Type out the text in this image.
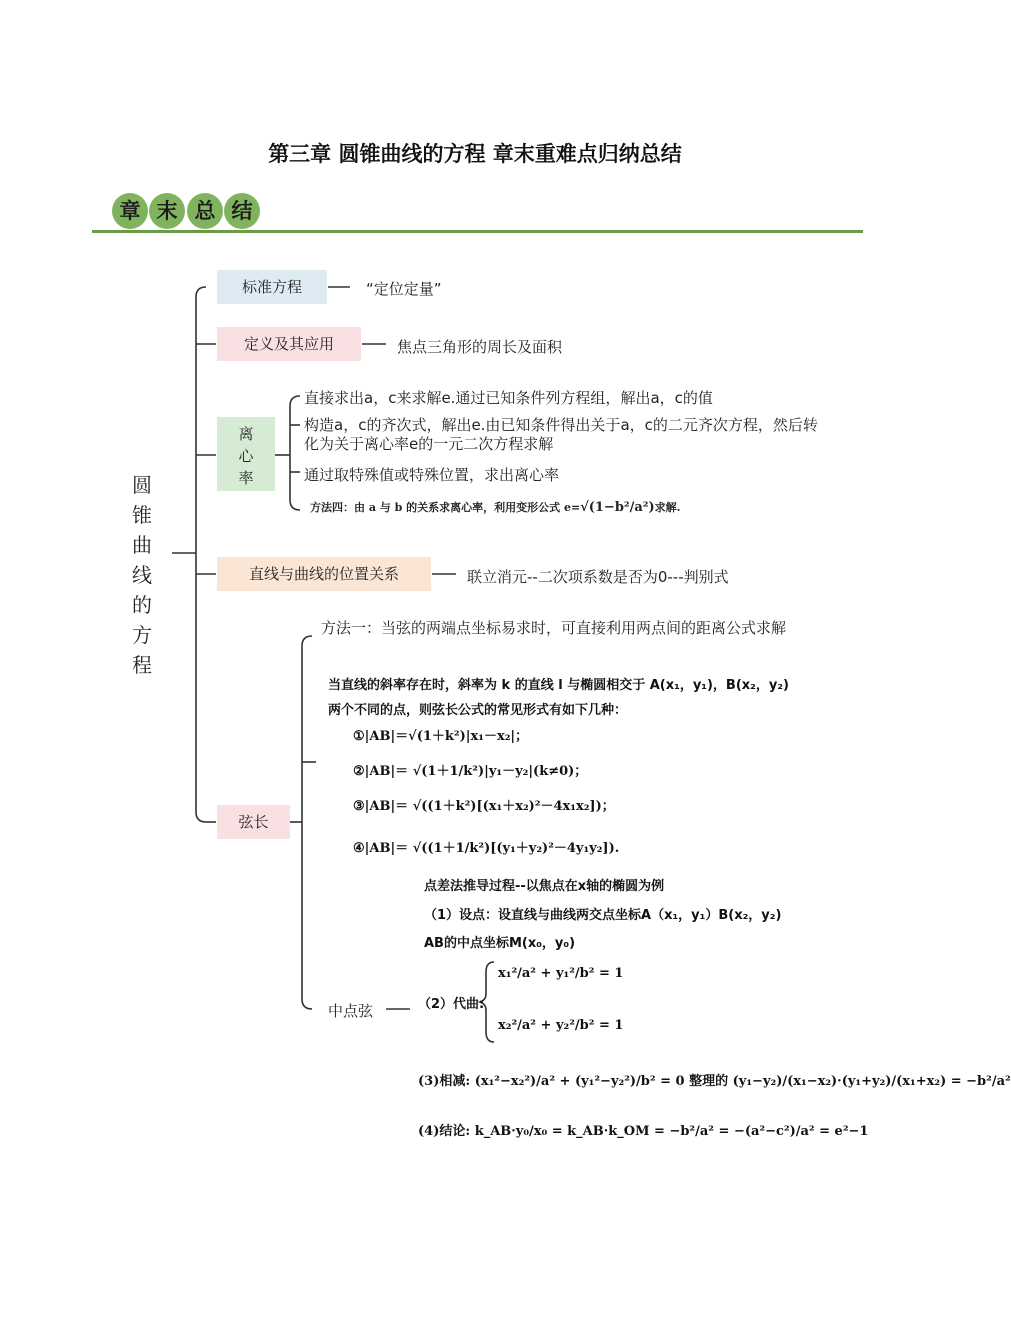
第三章 圆锥曲线的方程 章末重难点归纳总结
章 末 总 结
圆
锥
曲
线
的
方
程
标准方程	“定位定量”
定义及其应用	焦点三角形的周长及面积
离
心
率
直接求出a，c来求解e.通过已知条件列方程组，解出a，c的值
构造a，c的齐次式，解出e.由已知条件得出关于a，c的二元齐次方程，然后转化为关于离心率e的一元二次方程求解
通过取特殊值或特殊位置，求出离心率
方法四：由 a 与 b 的关系求离心率，利用变形公式 e=√(1−b²/a²)求解.
直线与曲线的位置关系	联立消元--二次项系数是否为0---判别式
弦长
方法一：当弦的两端点坐标易求时，可直接利用两点间的距离公式求解
当直线的斜率存在时，斜率为 k 的直线 l 与椭圆相交于 A(x₁，y₁)，B(x₂，y₂)
两个不同的点，则弦长公式的常见形式有如下几种：
①|AB|＝√(1＋k²)|x₁－x₂|；
②|AB|＝ √(1＋1/k²)|y₁－y₂|(k≠0)；
③|AB|＝ √((1＋k²)[(x₁＋x₂)²－4x₁x₂])；
④|AB|＝ √((1＋1/k²)[(y₁＋y₂)²－4y₁y₂]).
中点弦
点差法推导过程--以焦点在x轴的椭圆为例
（1）设点：设直线与曲线两交点坐标A（x₁，y₁）B(x₂，y₂)
AB的中点坐标M(x₀，y₀)
（2）代曲:
x₁²/a² + y₁²/b² = 1
x₂²/a² + y₂²/b² = 1
(3)相减: (x₁²−x₂²)/a² + (y₁²−y₂²)/b² = 0 整理的 (y₁−y₂)/(x₁−x₂)·(y₁+y₂)/(x₁+x₂) = −b²/a²
(4)结论: k_AB·y₀/x₀ = k_AB·k_OM = −b²/a² = −(a²−c²)/a² = e²−1
